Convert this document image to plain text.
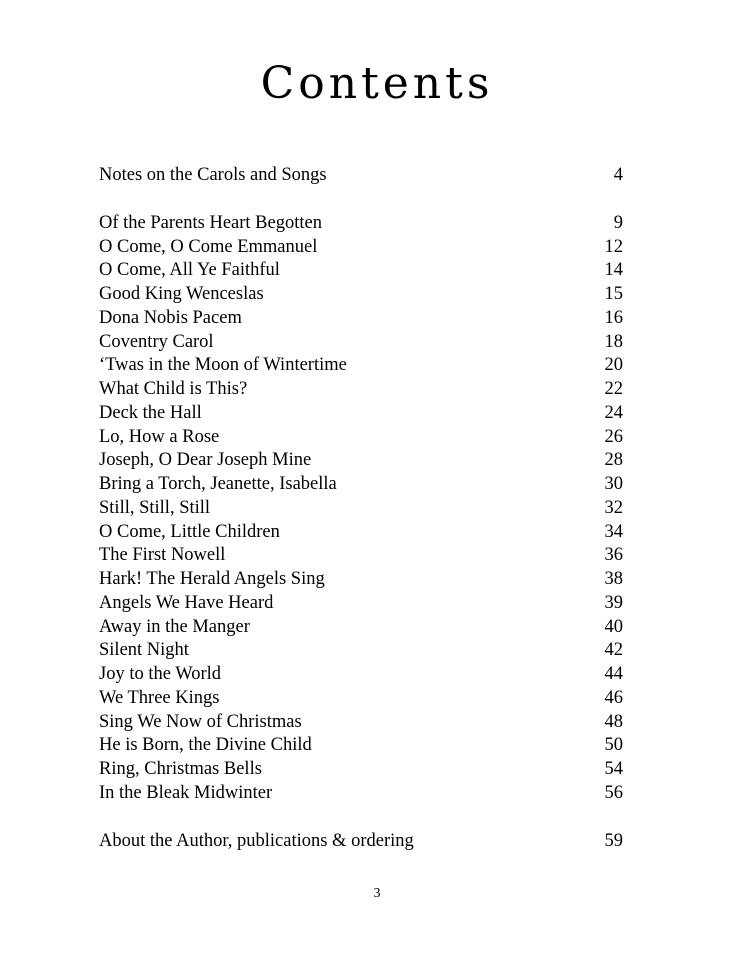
Contents
Notes on the Carols and Songs	4
Of the Parents Heart Begotten	9
O Come, O Come Emmanuel	12
O Come, All Ye Faithful	14
Good King Wenceslas	15
Dona Nobis Pacem	16
Coventry Carol	18
‘Twas in the Moon of Wintertime	20
What Child is This?	22
Deck the Hall	24
Lo, How a Rose	26
Joseph, O Dear Joseph Mine	28
Bring a Torch, Jeanette, Isabella	30
Still, Still, Still	32
O Come, Little Children	34
The First Nowell	36
Hark! The Herald Angels Sing	38
Angels We Have Heard	39
Away in the Manger	40
Silent Night	42
Joy to the World	44
We Three Kings	46
Sing We Now of Christmas	48
He is Born, the Divine Child	50
Ring, Christmas Bells	54
In the Bleak Midwinter	56
About the Author, publications & ordering	59
3
